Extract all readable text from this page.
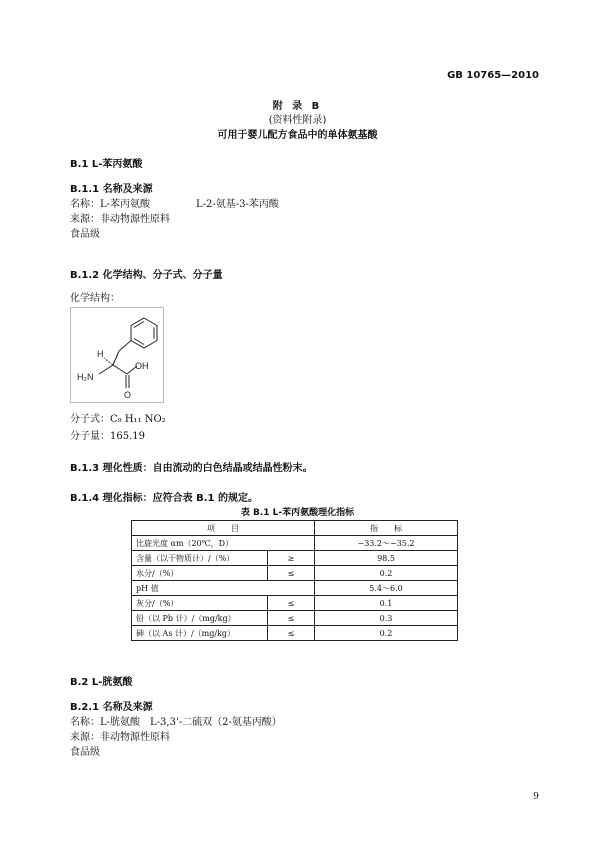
GB 10765—2010
附 录 B
(资料性附录)
可用于婴儿配方食品中的单体氨基酸
B.1 L-苯丙氨酸
B.1.1 名称及来源
名称：L-苯丙氨酸	L-2-氨基-3-苯丙酸
来源：非动物源性原料
食品级
B.1.2 化学结构、分子式、分子量
化学结构：
H
H₂N
OH
O
分子式：C₉ H₁₁ NO₂
分子量：165.19
B.1.3 理化性质：自由流动的白色结晶或结晶性粉末。
B.1.4 理化指标：应符合表 B.1 的规定。
表 B.1 L-苯丙氨酸理化指标
项　　目		指　　标
比旋光度 αm（20℃，D）		−33.2～−35.2
含量（以干物质计）/（%）	≥	98.5
水分/（%）	≤	0.2
pH 值		5.4～6.0
灰分/（%）	≤	0.1
铅（以 Pb 计）/（mg/kg）	≤	0.3
砷（以 As 计）/（mg/kg）	≤	0.2
B.2 L-胱氨酸
B.2.1 名称及来源
名称：L-胱氨酸　L-3,3'-二硫双（2-氨基丙酸）
来源：非动物源性原料
食品级
9
